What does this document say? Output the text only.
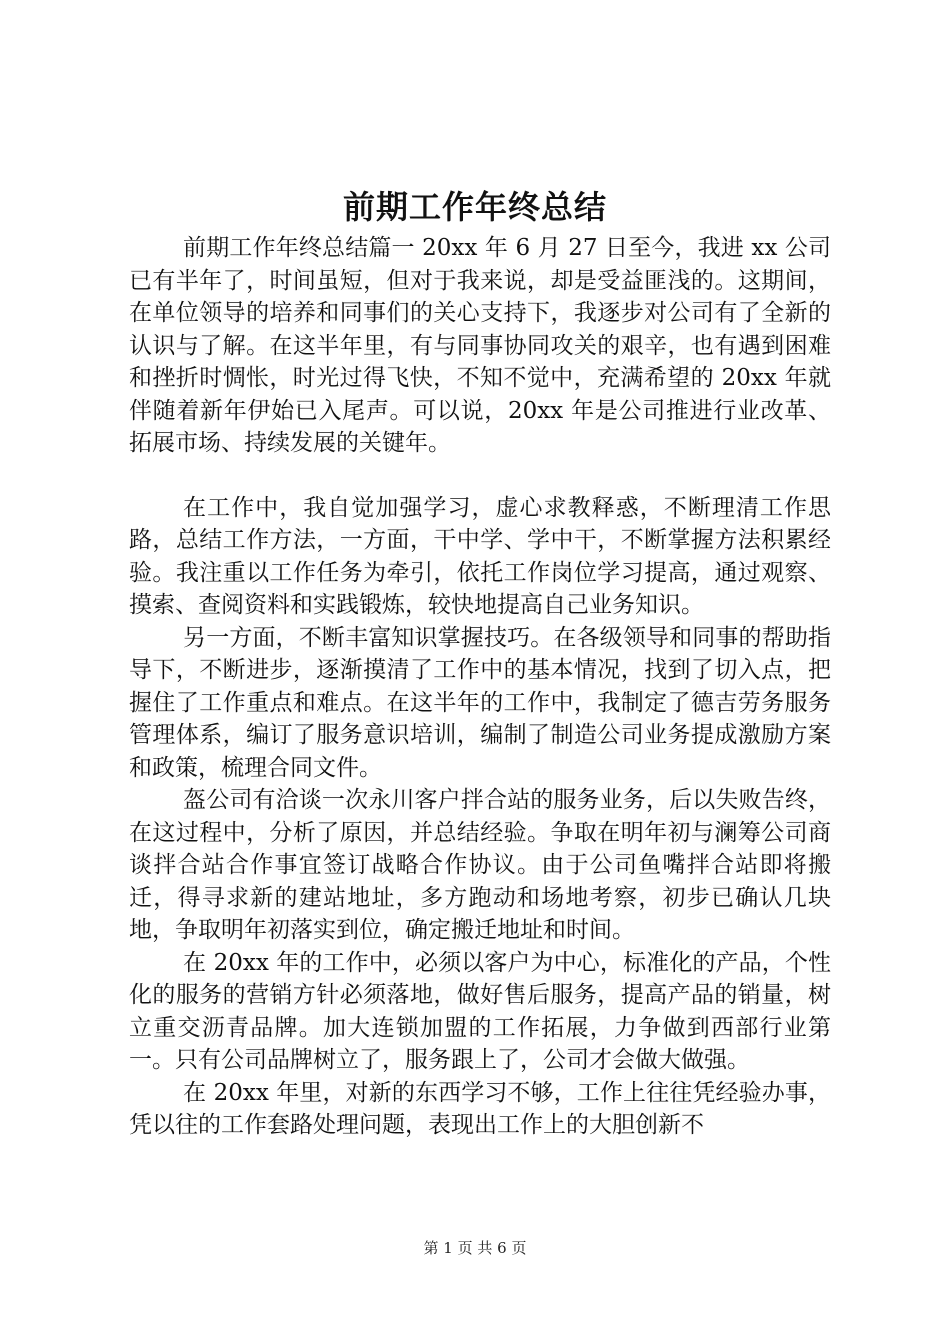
前期工作年终总结

前期工作年终总结篇一 20xx 年 6 月 27 日至今，我进 xx 公司已有半年了，时间虽短，但对于我来说，却是受益匪浅的。这期间，在单位领导的培养和同事们的关心支持下，我逐步对公司有了全新的认识与了解。在这半年里，有与同事协同攻关的艰辛，也有遇到困难和挫折时惆怅，时光过得飞快，不知不觉中，充满希望的 20xx 年就伴随着新年伊始已入尾声。可以说，20xx 年是公司推进行业改革、拓展市场、持续发展的关键年。

在工作中，我自觉加强学习，虚心求教释惑，不断理清工作思路，总结工作方法，一方面，干中学、学中干，不断掌握方法积累经验。我注重以工作任务为牵引，依托工作岗位学习提高，通过观察、摸索、查阅资料和实践锻炼，较快地提高自己业务知识。

另一方面，不断丰富知识掌握技巧。在各级领导和同事的帮助指导下，不断进步，逐渐摸清了工作中的基本情况，找到了切入点，把握住了工作重点和难点。在这半年的工作中，我制定了德吉劳务服务管理体系，编订了服务意识培训，编制了制造公司业务提成激励方案和政策，梳理合同文件。

盔公司有洽谈一次永川客户拌合站的服务业务，后以失败告终，在这过程中，分析了原因，并总结经验。争取在明年初与澜筹公司商谈拌合站合作事宜签订战略合作协议。由于公司鱼嘴拌合站即将搬迁，得寻求新的建站地址，多方跑动和场地考察，初步已确认几块地，争取明年初落实到位，确定搬迁地址和时间。

在 20xx 年的工作中，必须以客户为中心，标准化的产品，个性化的服务的营销方针必须落地，做好售后服务，提高产品的销量，树立重交沥青品牌。加大连锁加盟的工作拓展，力争做到西部行业第一。只有公司品牌树立了，服务跟上了，公司才会做大做强。

在 20xx 年里，对新的东西学习不够，工作上往往凭经验办事，凭以往的工作套路处理问题，表现出工作上的大胆创新不

第 1 页 共 6 页
